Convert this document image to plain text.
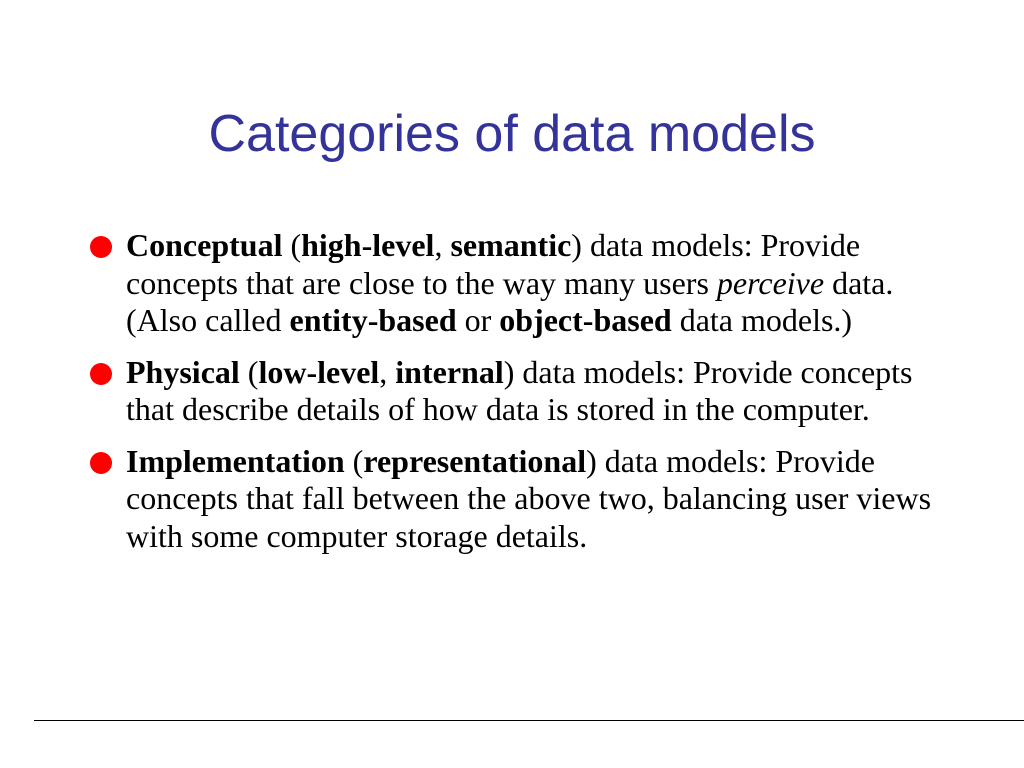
Categories of data models
Conceptual (high-level, semantic) data models: Provide concepts that are close to the way many users perceive data. (Also called entity-based or object-based data models.)
Physical (low-level, internal) data models: Provide concepts that describe details of how data is stored in the computer.
Implementation (representational) data models: Provide concepts that fall between the above two, balancing user views with some computer storage details.
